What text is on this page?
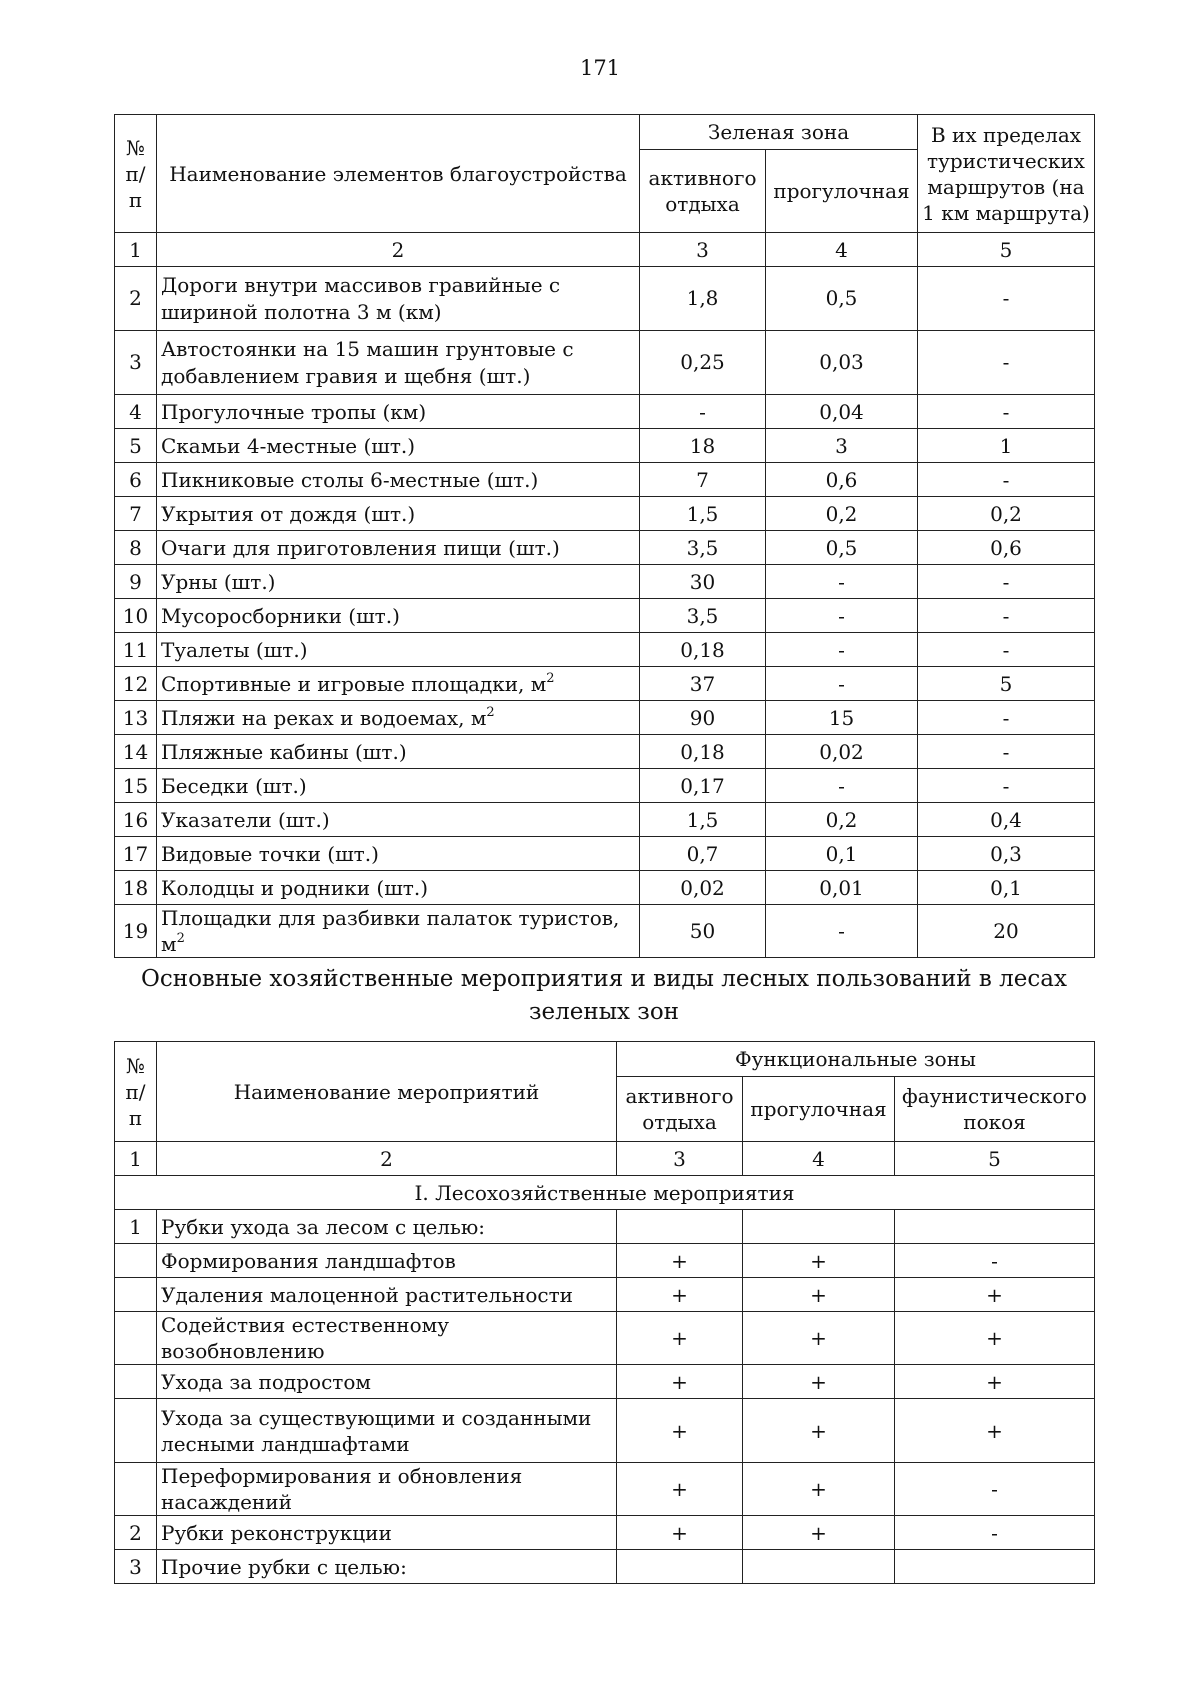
171
№ п/п	Наименование элементов благоустройства	Зеленая зона		В их пределах туристических маршрутов (на 1 км маршрута)
		активного отдыха	прогулочная	
1	2	3	4	5
2	Дороги внутри массивов гравийные с шириной полотна 3 м (км)	1,8	0,5	-
3	Автостоянки на 15 машин грунтовые с добавлением гравия и щебня (шт.)	0,25	0,03	-
4	Прогулочные тропы (км)	-	0,04	-
5	Скамьи 4-местные (шт.)	18	3	1
6	Пикниковые столы 6-местные (шт.)	7	0,6	-
7	Укрытия от дождя (шт.)	1,5	0,2	0,2
8	Очаги для приготовления пищи (шт.)	3,5	0,5	0,6
9	Урны (шт.)	30	-	-
10	Мусоросборники (шт.)	3,5	-	-
11	Туалеты (шт.)	0,18	-	-
12	Спортивные и игровые площадки, $м^2$	37	-	5
13	Пляжи на реках и водоемах, $м^2$	90	15	-
14	Пляжные кабины (шт.)	0,18	0,02	-
15	Беседки (шт.)	0,17	-	-
16	Указатели (шт.)	1,5	0,2	0,4
17	Видовые точки (шт.)	0,7	0,1	0,3
18	Колодцы и родники (шт.)	0,02	0,01	0,1
19	Площадки для разбивки палаток туристов, $м^2$	50	-	20
Основные хозяйственные мероприятия и виды лесных пользований в лесах зеленых зон
№ п/п	Наименование мероприятий	Функциональные зоны		
		активного отдыха	прогулочная	фаунистического покоя
1	2	3	4	5
I. Лесохозяйственные мероприятия				
1	Рубки ухода за лесом с целью:			
	Формирования ландшафтов	+	+	-
	Удаления малоценной растительности	+	+	+
	Содействия естественному возобновлению	+	+	+
	Ухода за подростом	+	+	+
	Ухода за существующими и созданными лесными ландшафтами	+	+	+
	Переформирования и обновления насаждений	+	+	-
2	Рубки реконструкции	+	+	-
3	Прочие рубки с целью:			
